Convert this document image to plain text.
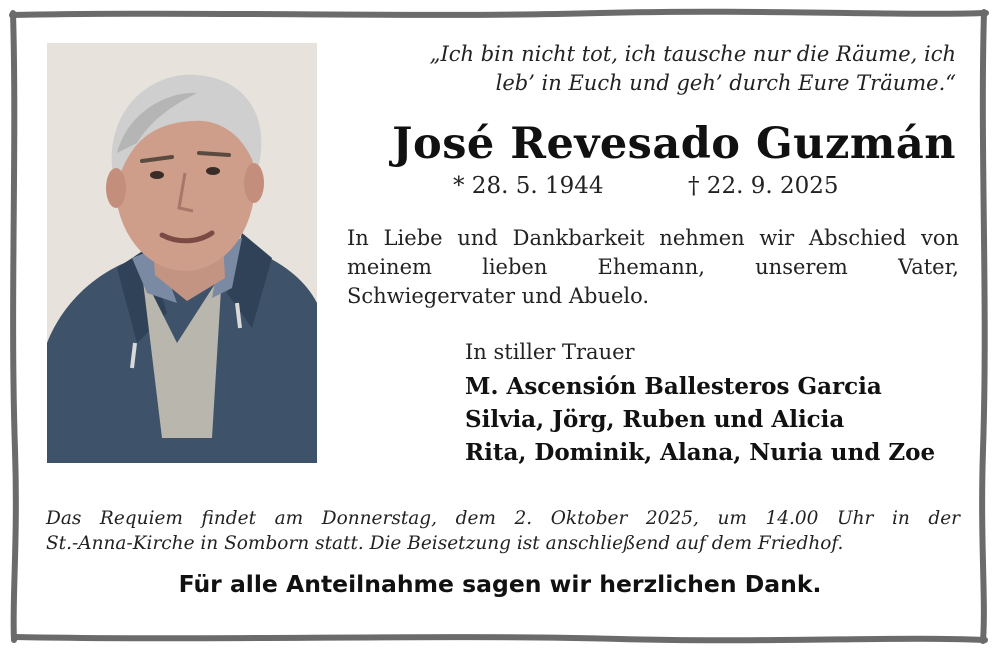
„Ich bin nicht tot, ich tausche nur die Räume, ich
leb’ in Euch und geh’ durch Eure Träume.“
José Revesado Guzmán
* 28. 5. 1944	† 22. 9. 2025
In Liebe und Dankbarkeit nehmen wir Abschied von meinem lieben Ehemann, unserem Vater, Schwiegervater und Abuelo.
In stiller Trauer
M. Ascensión Ballesteros Garcia
Silvia, Jörg, Ruben und Alicia
Rita, Dominik, Alana, Nuria und Zoe
Das Requiem findet am Donnerstag, dem 2. Oktober 2025, um 14.00 Uhr in der
St.-Anna-Kirche in Somborn statt. Die Beisetzung ist anschließend auf dem Friedhof.
Für alle Anteilnahme sagen wir herzlichen Dank.
